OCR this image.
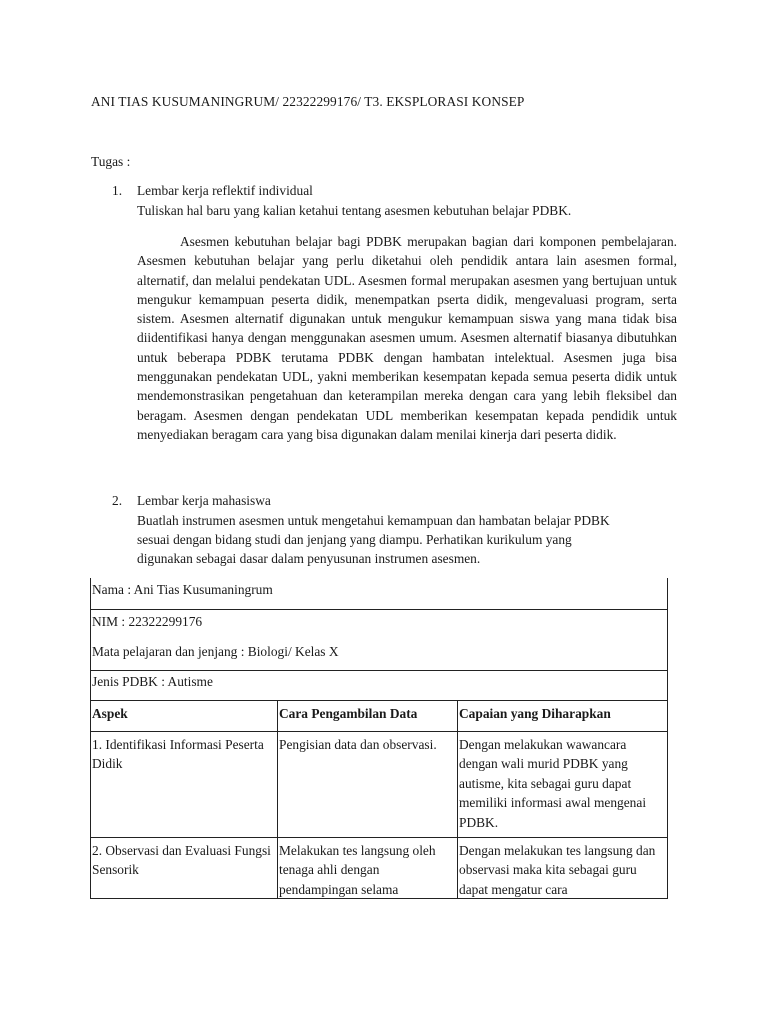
ANI TIAS KUSUMANINGRUM/ 22322299176/ T3. EKSPLORASI KONSEP
Tugas :
1. Lembar kerja reflektif individual
Tuliskan hal baru yang kalian ketahui tentang asesmen kebutuhan belajar PDBK.
Asesmen kebutuhan belajar bagi PDBK merupakan bagian dari komponen pembelajaran. Asesmen kebutuhan belajar yang perlu diketahui oleh pendidik antara lain asesmen formal, alternatif, dan melalui pendekatan UDL. Asesmen formal merupakan asesmen yang bertujuan untuk mengukur kemampuan peserta didik, menempatkan pserta didik, mengevaluasi program, serta sistem. Asesmen alternatif digunakan untuk mengukur kemampuan siswa yang mana tidak bisa diidentifikasi hanya dengan menggunakan asesmen umum. Asesmen alternatif biasanya dibutuhkan untuk beberapa PDBK terutama PDBK dengan hambatan intelektual. Asesmen juga bisa menggunakan pendekatan UDL, yakni memberikan kesempatan kepada semua peserta didik untuk mendemonstrasikan pengetahuan dan keterampilan mereka dengan cara yang lebih fleksibel dan beragam. Asesmen dengan pendekatan UDL memberikan kesempatan kepada pendidik untuk menyediakan beragam cara yang bisa digunakan dalam menilai kinerja dari peserta didik.
2. Lembar kerja mahasiswa
Buatlah instrumen asesmen untuk mengetahui kemampuan dan hambatan belajar PDBK
sesuai dengan bidang studi dan jenjang yang diampu. Perhatikan kurikulum yang
digunakan sebagai dasar dalam penyusunan instrumen asesmen.
Nama : Ani Tias Kusumaningrum		

NIM : 22322299176
Mata pelajaran dan jenjang : Biologi/ Kelas X		

Jenis PDBK : Autisme		
Aspek	Cara Pengambilan Data	Capaian yang Diharapkan
1. Identifikasi Informasi Peserta Didik	Pengisian data dan observasi.	Dengan melakukan wawancara dengan wali murid PDBK yang autisme, kita sebagai guru dapat memiliki informasi awal mengenai PDBK.
2. Observasi dan Evaluasi Fungsi Sensorik	Melakukan tes langsung oleh tenaga ahli dengan pendampingan selama	Dengan melakukan tes langsung dan observasi maka kita sebagai guru dapat mengatur cara
